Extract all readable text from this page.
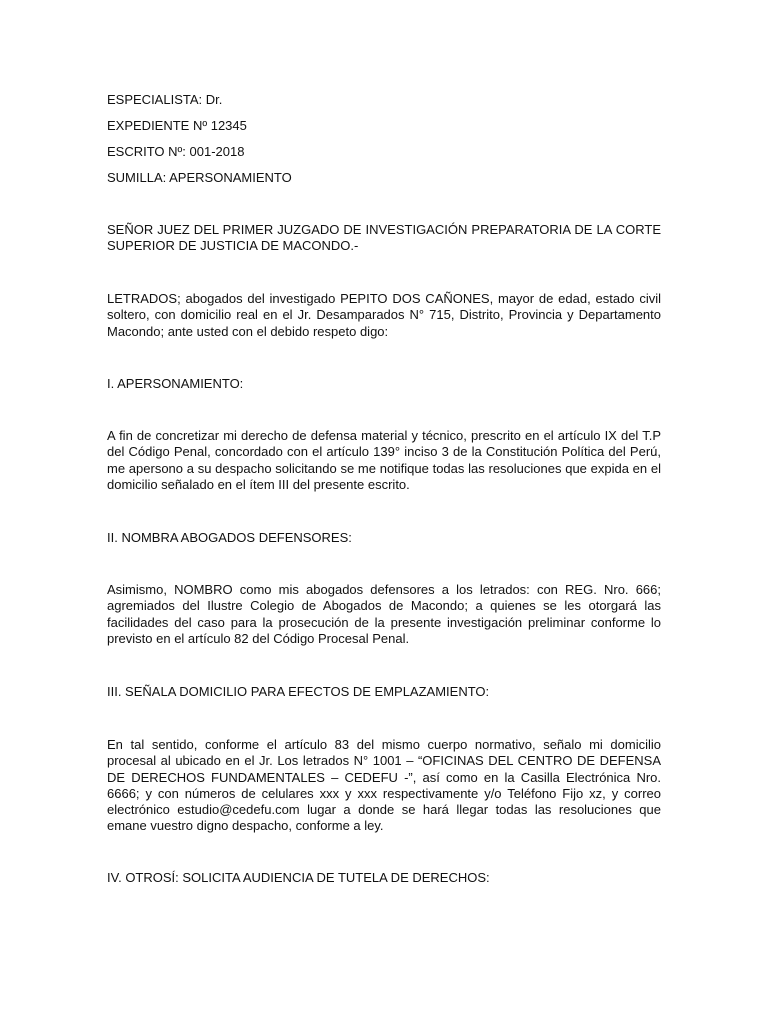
ESPECIALISTA: Dr.

EXPEDIENTE Nº 12345

ESCRITO Nº: 001-2018

SUMILLA: APERSONAMIENTO

SEÑOR JUEZ DEL PRIMER JUZGADO DE INVESTIGACIÓN PREPARATORIA DE LA CORTE SUPERIOR DE JUSTICIA DE MACONDO.-

LETRADOS; abogados del investigado PEPITO DOS CAÑONES, mayor de edad, estado civil soltero, con domicilio real en el Jr. Desamparados N° 715, Distrito, Provincia y Departamento Macondo; ante usted con el debido respeto digo:

I. APERSONAMIENTO:

A fin de concretizar mi derecho de defensa material y técnico, prescrito en el artículo IX del T.P del Código Penal, concordado con el artículo 139° inciso 3 de la Constitución Política del Perú, me apersono a su despacho solicitando se me notifique todas las resoluciones que expida en el domicilio señalado en el ítem III del presente escrito.

II. NOMBRA ABOGADOS DEFENSORES:

Asimismo, NOMBRO como mis abogados defensores a los letrados: con REG. Nro. 666; agremiados del Ilustre Colegio de Abogados de Macondo; a quienes se les otorgará las facilidades del caso para la prosecución de la presente investigación preliminar conforme lo previsto en el artículo 82 del Código Procesal Penal.

III. SEÑALA DOMICILIO PARA EFECTOS DE EMPLAZAMIENTO:

En tal sentido, conforme el artículo 83 del mismo cuerpo normativo, señalo mi domicilio procesal al ubicado en el Jr. Los letrados N° 1001 – “OFICINAS DEL CENTRO DE DEFENSA DE DERECHOS FUNDAMENTALES – CEDEFU -”, así como en la Casilla Electrónica Nro. 6666; y con números de celulares xxx y xxx respectivamente y/o Teléfono Fijo xz, y correo electrónico estudio@cedefu.com lugar a donde se hará llegar todas las resoluciones que emane vuestro digno despacho, conforme a ley.

IV. OTROSÍ: SOLICITA AUDIENCIA DE TUTELA DE DERECHOS:
